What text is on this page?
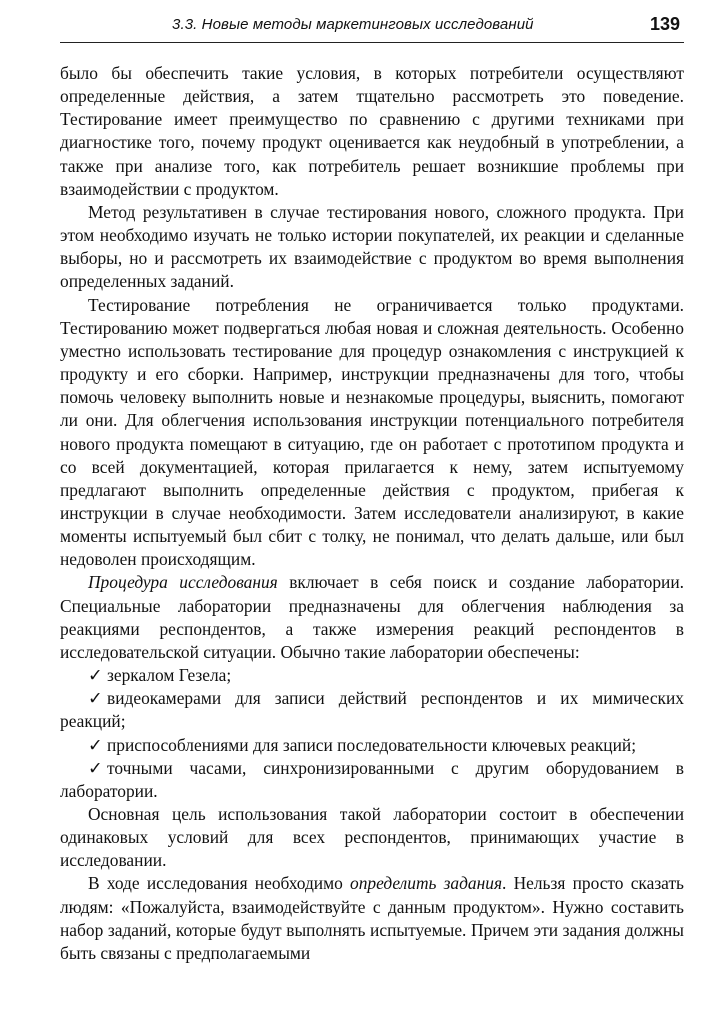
3.3. Новые методы маркетинговых исследований	139

было бы обеспечить такие условия, в которых потребители осуществляют определенные действия, а затем тщательно рассмотреть это поведение. Тестирование имеет преимущество по сравнению с другими техниками при диагностике того, почему продукт оценивается как неудобный в употреблении, а также при анализе того, как потребитель решает возникшие проблемы при взаимодействии с продуктом.

Метод результативен в случае тестирования нового, сложного продукта. При этом необходимо изучать не только истории покупателей, их реакции и сделанные выборы, но и рассмотреть их взаимодействие с продуктом во время выполнения определенных заданий.

Тестирование потребления не ограничивается только продуктами. Тестированию может подвергаться любая новая и сложная деятельность. Особенно уместно использовать тестирование для процедур ознакомления с инструкцией к продукту и его сборки. Например, инструкции предназначены для того, чтобы помочь человеку выполнить новые и незнакомые процедуры, выяснить, помогают ли они. Для облегчения использования инструкции потенциального потребителя нового продукта помещают в ситуацию, где он работает с прототипом продукта и со всей документацией, которая прилагается к нему, затем испытуемому предлагают выполнить определенные действия с продуктом, прибегая к инструкции в случае необходимости. Затем исследователи анализируют, в какие моменты испытуемый был сбит с толку, не понимал, что делать дальше, или был недоволен происходящим.

Процедура исследования включает в себя поиск и создание лаборатории. Специальные лаборатории предназначены для облегчения наблюдения за реакциями респондентов, а также измерения реакций респондентов в исследовательской ситуации. Обычно такие лаборатории обеспечены:

✓ зеркалом Гезела;

✓ видеокамерами для записи действий респондентов и их мимических реакций;

✓ приспособлениями для записи последовательности ключевых реакций;

✓ точными часами, синхронизированными с другим оборудованием в лаборатории.

Основная цель использования такой лаборатории состоит в обеспечении одинаковых условий для всех респондентов, принимающих участие в исследовании.

В ходе исследования необходимо определить задания. Нельзя просто сказать людям: «Пожалуйста, взаимодействуйте с данным продуктом». Нужно составить набор заданий, которые будут выполнять испытуемые. Причем эти задания должны быть связаны с предполагаемыми
